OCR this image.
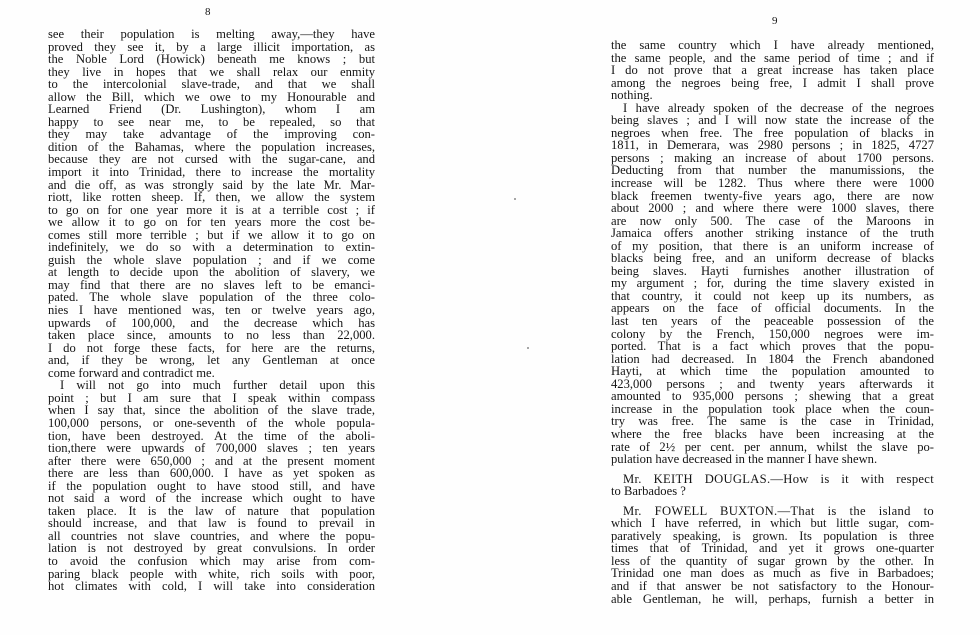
8
see their population is melting away,—they have
proved they see it, by a large illicit importation, as
the Noble Lord (Howick) beneath me knows ; but
they live in hopes that we shall relax our enmity
to the intercolonial slave-trade, and that we shall
allow the Bill, which we owe to my Honourable and
Learned Friend (Dr. Lushington), whom I am
happy to see near me, to be repealed, so that
they may take advantage of the improving con-
dition of the Bahamas, where the population increases,
because they are not cursed with the sugar-cane, and
import it into Trinidad, there to increase the mortality
and die off, as was strongly said by the late Mr. Mar-
riott, like rotten sheep. If, then, we allow the system
to go on for one year more it is at a terrible cost ; if
we allow it to go on for ten years more the cost be-
comes still more terrible ; but if we allow it to go on
indefinitely, we do so with a determination to extin-
guish the whole slave population ; and if we come
at length to decide upon the abolition of slavery, we
may find that there are no slaves left to be emanci-
pated. The whole slave population of the three colo-
nies I have mentioned was, ten or twelve years ago,
upwards of 100,000, and the decrease which has
taken place since, amounts to no less than 22,000.
I do not forge these facts, for here are the returns,
and, if they be wrong, let any Gentleman at once
come forward and contradict me.
I will not go into much further detail upon this
point ; but I am sure that I speak within compass
when I say that, since the abolition of the slave trade,
100,000 persons, or one-seventh of the whole popula-
tion, have been destroyed. At the time of the aboli-
tion,there were upwards of 700,000 slaves ; ten years
after there were 650,000 ; and at the present moment
there are less than 600,000. I have as yet spoken as
if the population ought to have stood still, and have
not said a word of the increase which ought to have
taken place. It is the law of nature that population
should increase, and that law is found to prevail in
all countries not slave countries, and where the popu-
lation is not destroyed by great convulsions. In order
to avoid the confusion which may arise from com-
paring black people with white, rich soils with poor,
hot climates with cold, I will take into consideration
9
the same country which I have already mentioned,
the same people, and the same period of time ; and if
I do not prove that a great increase has taken place
among the negroes being free, I admit I shall prove
nothing.
I have already spoken of the decrease of the negroes
being slaves ; and I will now state the increase of the
negroes when free. The free population of blacks in
1811, in Demerara, was 2980 persons ; in 1825, 4727
persons ; making an increase of about 1700 persons.
Deducting from that number the manumissions, the
increase will be 1282. Thus where there were 1000
black freemen twenty-five years ago, there are now
about 2000 ; and where there were 1000 slaves, there
are now only 500. The case of the Maroons in
Jamaica offers another striking instance of the truth
of my position, that there is an uniform increase of
blacks being free, and an uniform decrease of blacks
being slaves. Hayti furnishes another illustration of
my argument ; for, during the time slavery existed in
that country, it could not keep up its numbers, as
appears on the face of official documents. In the
last ten years of the peaceable possession of the
colony by the French, 150,000 negroes were im-
ported. That is a fact which proves that the popu-
lation had decreased. In 1804 the French abandoned
Hayti, at which time the population amounted to
423,000 persons ; and twenty years afterwards it
amounted to 935,000 persons ; shewing that a great
increase in the population took place when the coun-
try was free. The same is the case in Trinidad,
where the free blacks have been increasing at the
rate of 2½ per cent. per annum, whilst the slave po-
pulation have decreased in the manner I have shewn.
Mr. KEITH DOUGLAS.—How is it with respect
to Barbadoes ?
Mr. FOWELL BUXTON.—That is the island to
which I have referred, in which but little sugar, com-
paratively speaking, is grown. Its population is three
times that of Trinidad, and yet it grows one-quarter
less of the quantity of sugar grown by the other. In
Trinidad one man does as much as five in Barbadoes;
and if that answer be not satisfactory to the Honour-
able Gentleman, he will, perhaps, furnish a better in
